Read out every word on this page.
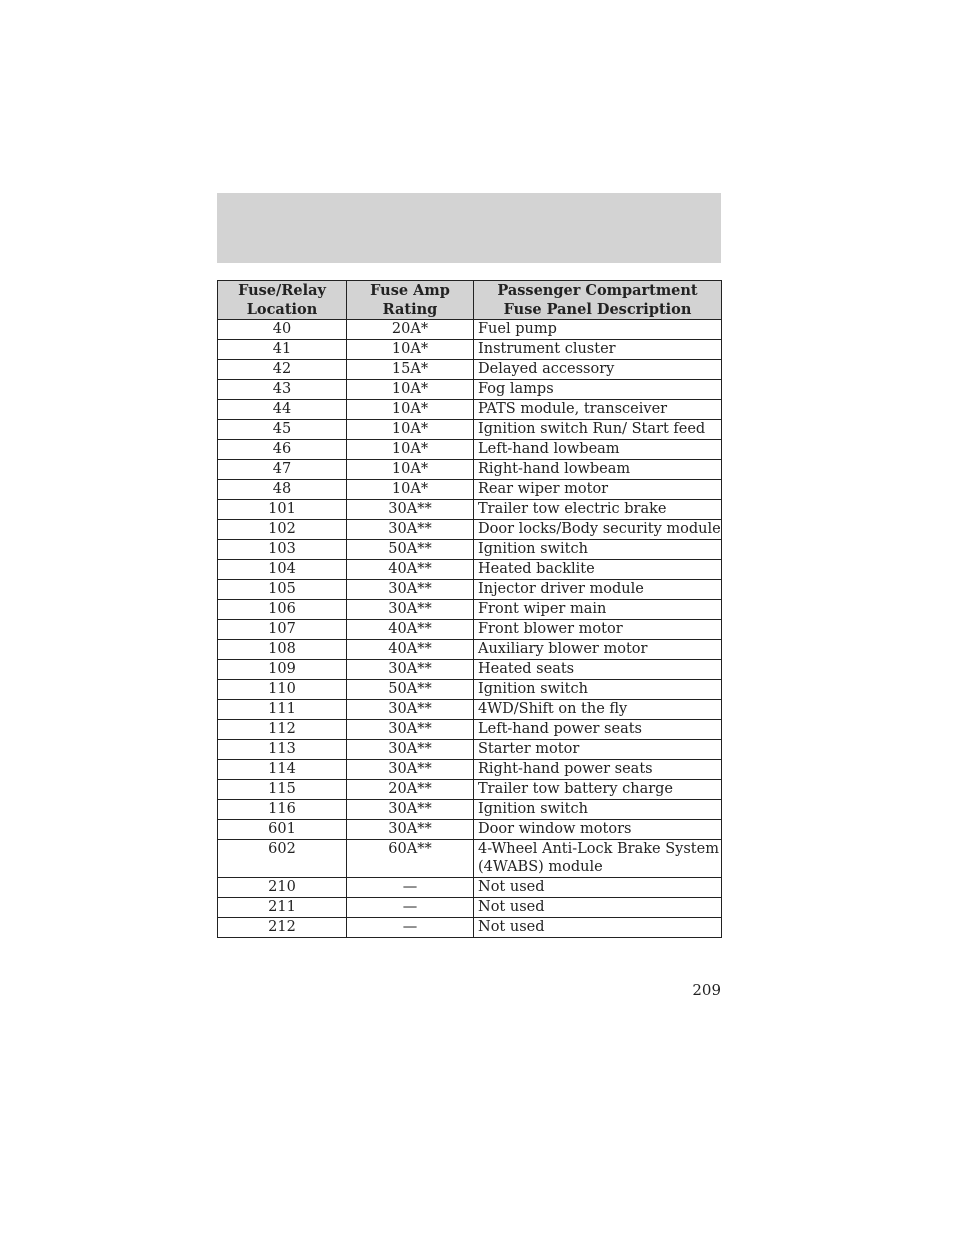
Fuse/Relay Location	Fuse Amp Rating	Passenger Compartment Fuse Panel Description
40	20A*	Fuel pump
41	10A*	Instrument cluster
42	15A*	Delayed accessory
43	10A*	Fog lamps
44	10A*	PATS module, transceiver
45	10A*	Ignition switch Run/ Start feed
46	10A*	Left-hand lowbeam
47	10A*	Right-hand lowbeam
48	10A*	Rear wiper motor
101	30A**	Trailer tow electric brake
102	30A**	Door locks/Body security module
103	50A**	Ignition switch
104	40A**	Heated backlite
105	30A**	Injector driver module
106	30A**	Front wiper main
107	40A**	Front blower motor
108	40A**	Auxiliary blower motor
109	30A**	Heated seats
110	50A**	Ignition switch
111	30A**	4WD/Shift on the fly
112	30A**	Left-hand power seats
113	30A**	Starter motor
114	30A**	Right-hand power seats
115	20A**	Trailer tow battery charge
116	30A**	Ignition switch
601	30A**	Door window motors
602	60A**	4-Wheel Anti-Lock Brake System (4WABS) module
210	—	Not used
211	—	Not used
212	—	Not used
209
